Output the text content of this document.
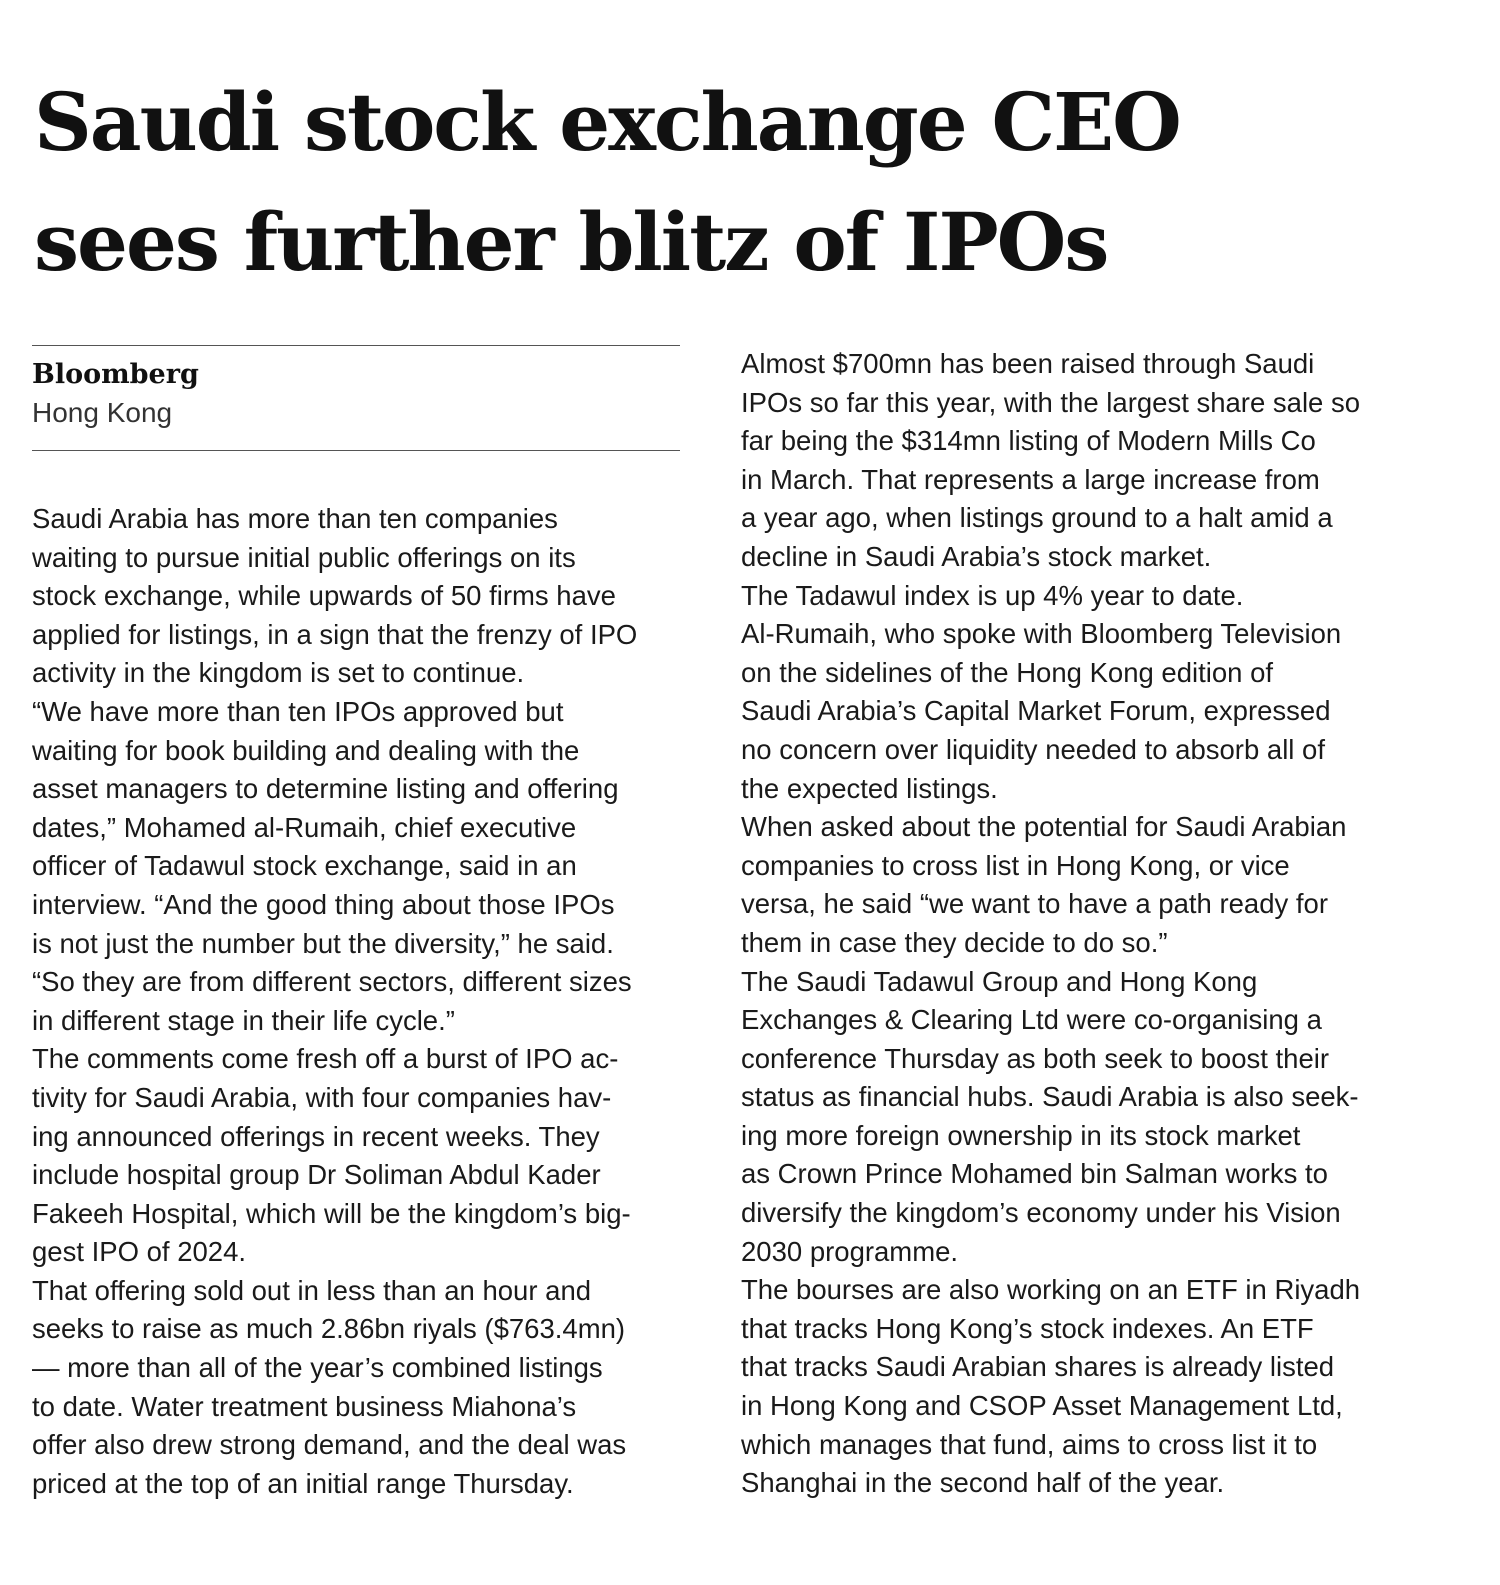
Saudi stock exchange CEO
sees further blitz of IPOs
Bloomberg
Hong Kong
Saudi Arabia has more than ten companies
waiting to pursue initial public offerings on its
stock exchange, while upwards of 50 firms have
applied for listings, in a sign that the frenzy of IPO
activity in the kingdom is set to continue.
“We have more than ten IPOs approved but
waiting for book building and dealing with the
asset managers to determine listing and offering
dates,” Mohamed al-Rumaih, chief executive
officer of Tadawul stock exchange, said in an
interview. “And the good thing about those IPOs
is not just the number but the diversity,” he said.
“So they are from different sectors, different sizes
in different stage in their life cycle.”
The comments come fresh off a burst of IPO ac-
tivity for Saudi Arabia, with four companies hav-
ing announced offerings in recent weeks. They
include hospital group Dr Soliman Abdul Kader
Fakeeh Hospital, which will be the kingdom’s big-
gest IPO of 2024.
That offering sold out in less than an hour and
seeks to raise as much 2.86bn riyals ($763.4mn)
— more than all of the year’s combined listings
to date. Water treatment business Miahona’s
offer also drew strong demand, and the deal was
priced at the top of an initial range Thursday.
Almost $700mn has been raised through Saudi
IPOs so far this year, with the largest share sale so
far being the $314mn listing of Modern Mills Co
in March. That represents a large increase from
a year ago, when listings ground to a halt amid a
decline in Saudi Arabia’s stock market.
The Tadawul index is up 4% year to date.
Al-Rumaih, who spoke with Bloomberg Television
on the sidelines of the Hong Kong edition of
Saudi Arabia’s Capital Market Forum, expressed
no concern over liquidity needed to absorb all of
the expected listings.
When asked about the potential for Saudi Arabian
companies to cross list in Hong Kong, or vice
versa, he said “we want to have a path ready for
them in case they decide to do so.”
The Saudi Tadawul Group and Hong Kong
Exchanges & Clearing Ltd were co-organising a
conference Thursday as both seek to boost their
status as financial hubs. Saudi Arabia is also seek-
ing more foreign ownership in its stock market
as Crown Prince Mohamed bin Salman works to
diversify the kingdom’s economy under his Vision
2030 programme.
The bourses are also working on an ETF in Riyadh
that tracks Hong Kong’s stock indexes. An ETF
that tracks Saudi Arabian shares is already listed
in Hong Kong and CSOP Asset Management Ltd,
which manages that fund, aims to cross list it to
Shanghai in the second half of the year.
